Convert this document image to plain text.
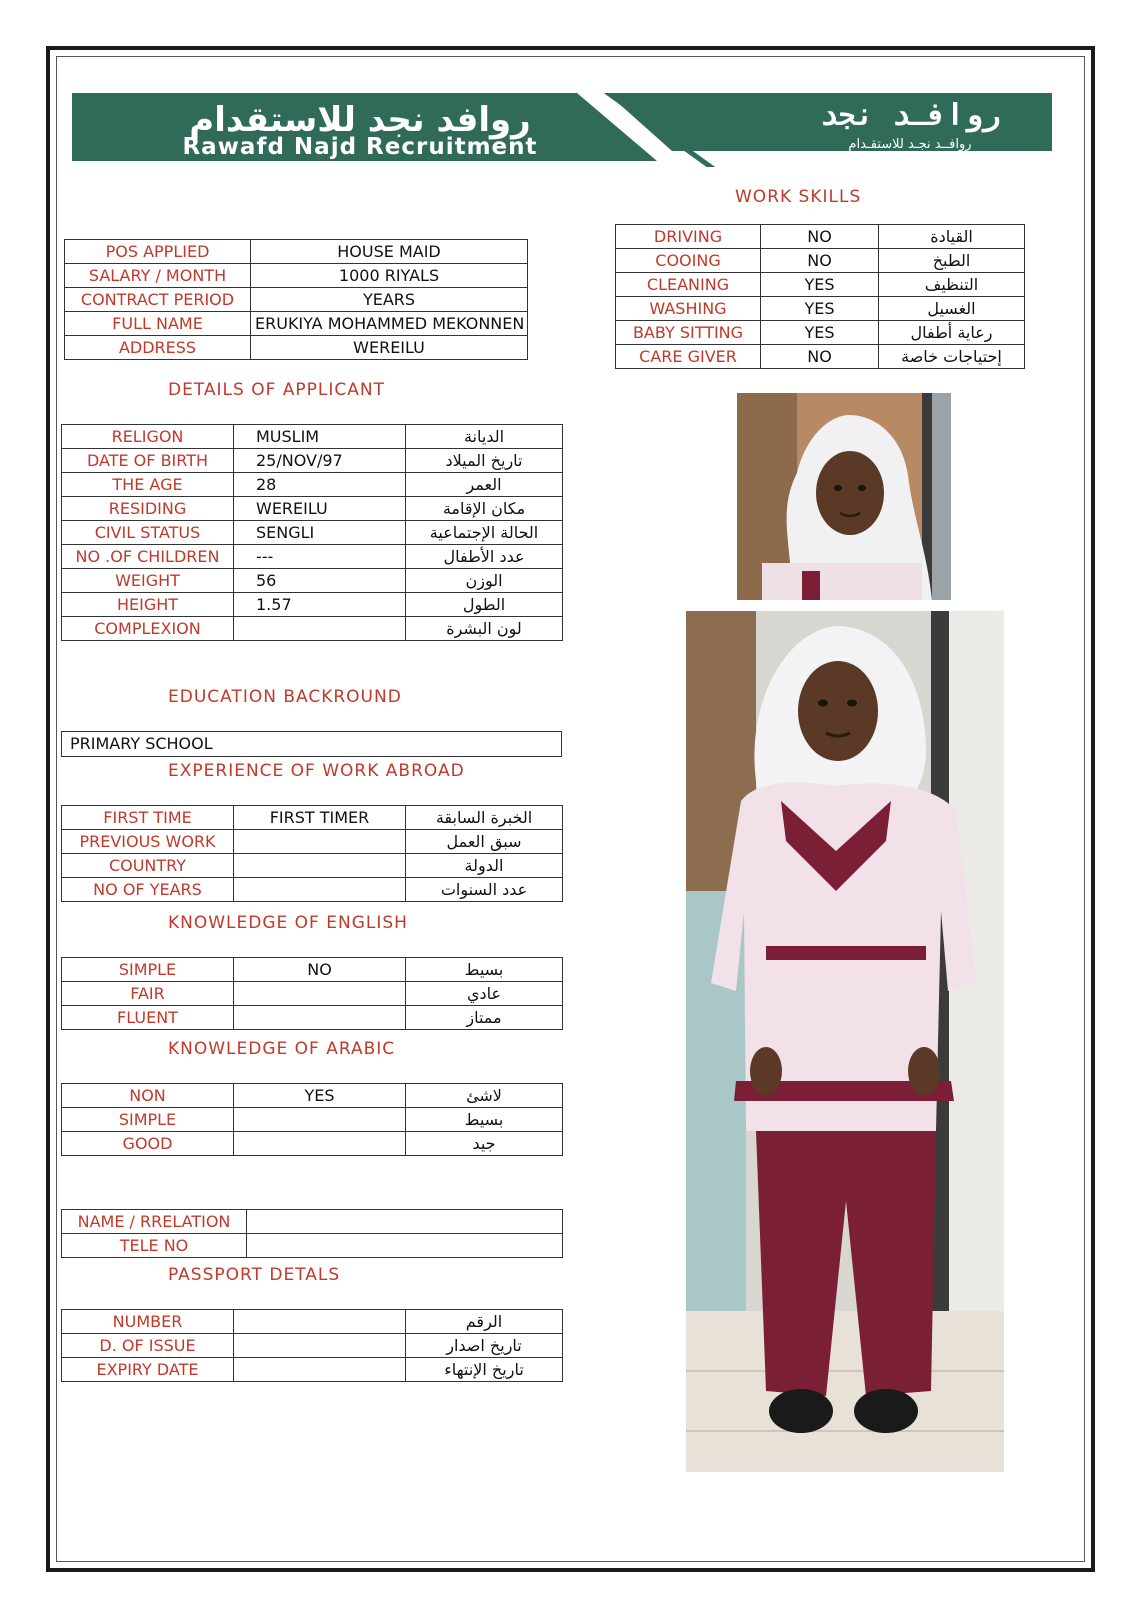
روافد نجد للاستقدام
Rawafd Najd Recruitment
روافـد نجد
روافــد نجـد للاستقـدام
WORK SKILLS
DRIVING	NO	القيادة
COOING	NO	الطبخ
CLEANING	YES	التنظيف
WASHING	YES	الغسيل
BABY SITTING	YES	رعاية أطفال
CARE GIVER	NO	إحتياجات خاصة
POS APPLIED	HOUSE MAID
SALARY / MONTH	1000 RIYALS
CONTRACT PERIOD	YEARS
FULL NAME	ERUKIYA MOHAMMED MEKONNEN
ADDRESS	WEREILU
DETAILS OF APPLICANT
RELIGON	MUSLIM	الديانة
DATE OF BIRTH	25/NOV/97	تاريخ الميلاد
THE AGE	28	العمر
RESIDING	WEREILU	مكان الإقامة
CIVIL STATUS	SENGLI	الحالة الإجتماعية
NO .OF CHILDREN	---	عدد الأطفال
WEIGHT	56	الوزن
HEIGHT	1.57	الطول
COMPLEXION		لون البشرة
EDUCATION BACKROUND
PRIMARY SCHOOL
EXPERIENCE OF WORK ABROAD
FIRST TIME	FIRST TIMER	الخبرة السابقة
PREVIOUS WORK		سبق العمل
COUNTRY		الدولة
NO OF YEARS		عدد السنوات
KNOWLEDGE OF ENGLISH
SIMPLE	NO	بسيط
FAIR		عادي
FLUENT		ممتاز
KNOWLEDGE OF ARABIC
NON	YES	لاشئ
SIMPLE		بسيط
GOOD		جيد
NAME / RRELATION	
TELE NO	
PASSPORT DETALS
NUMBER		الرقم
D. OF ISSUE		تاريخ اصدار
EXPIRY DATE		تاريخ الإنتهاء
